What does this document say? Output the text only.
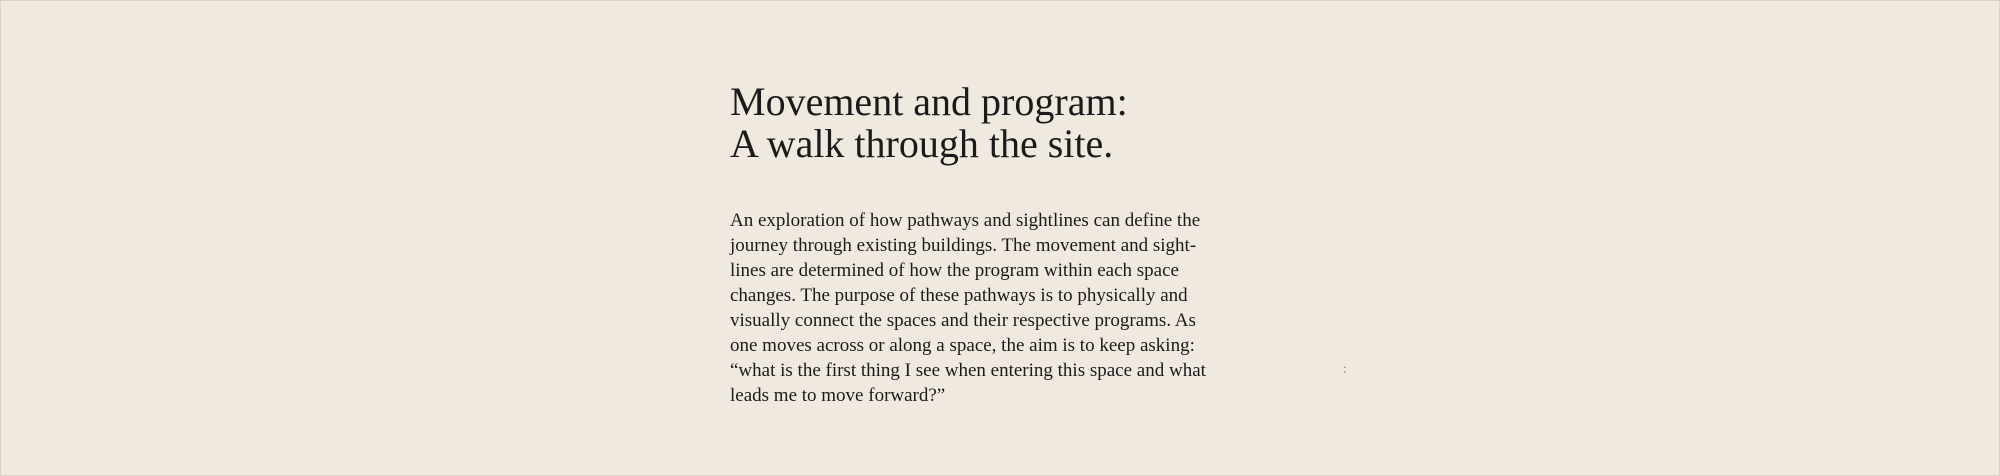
Movement and program:
A walk through the site.

An exploration of how pathways and sightlines can define the
journey through existing buildings. The movement and sight-
lines are determined of how the program within each space
changes. The purpose of these pathways is to physically and
visually connect the spaces and their respective programs. As
one moves across or along a space, the aim is to keep asking:
“what is the first thing I see when entering this space and what
leads me to move forward?”

:
